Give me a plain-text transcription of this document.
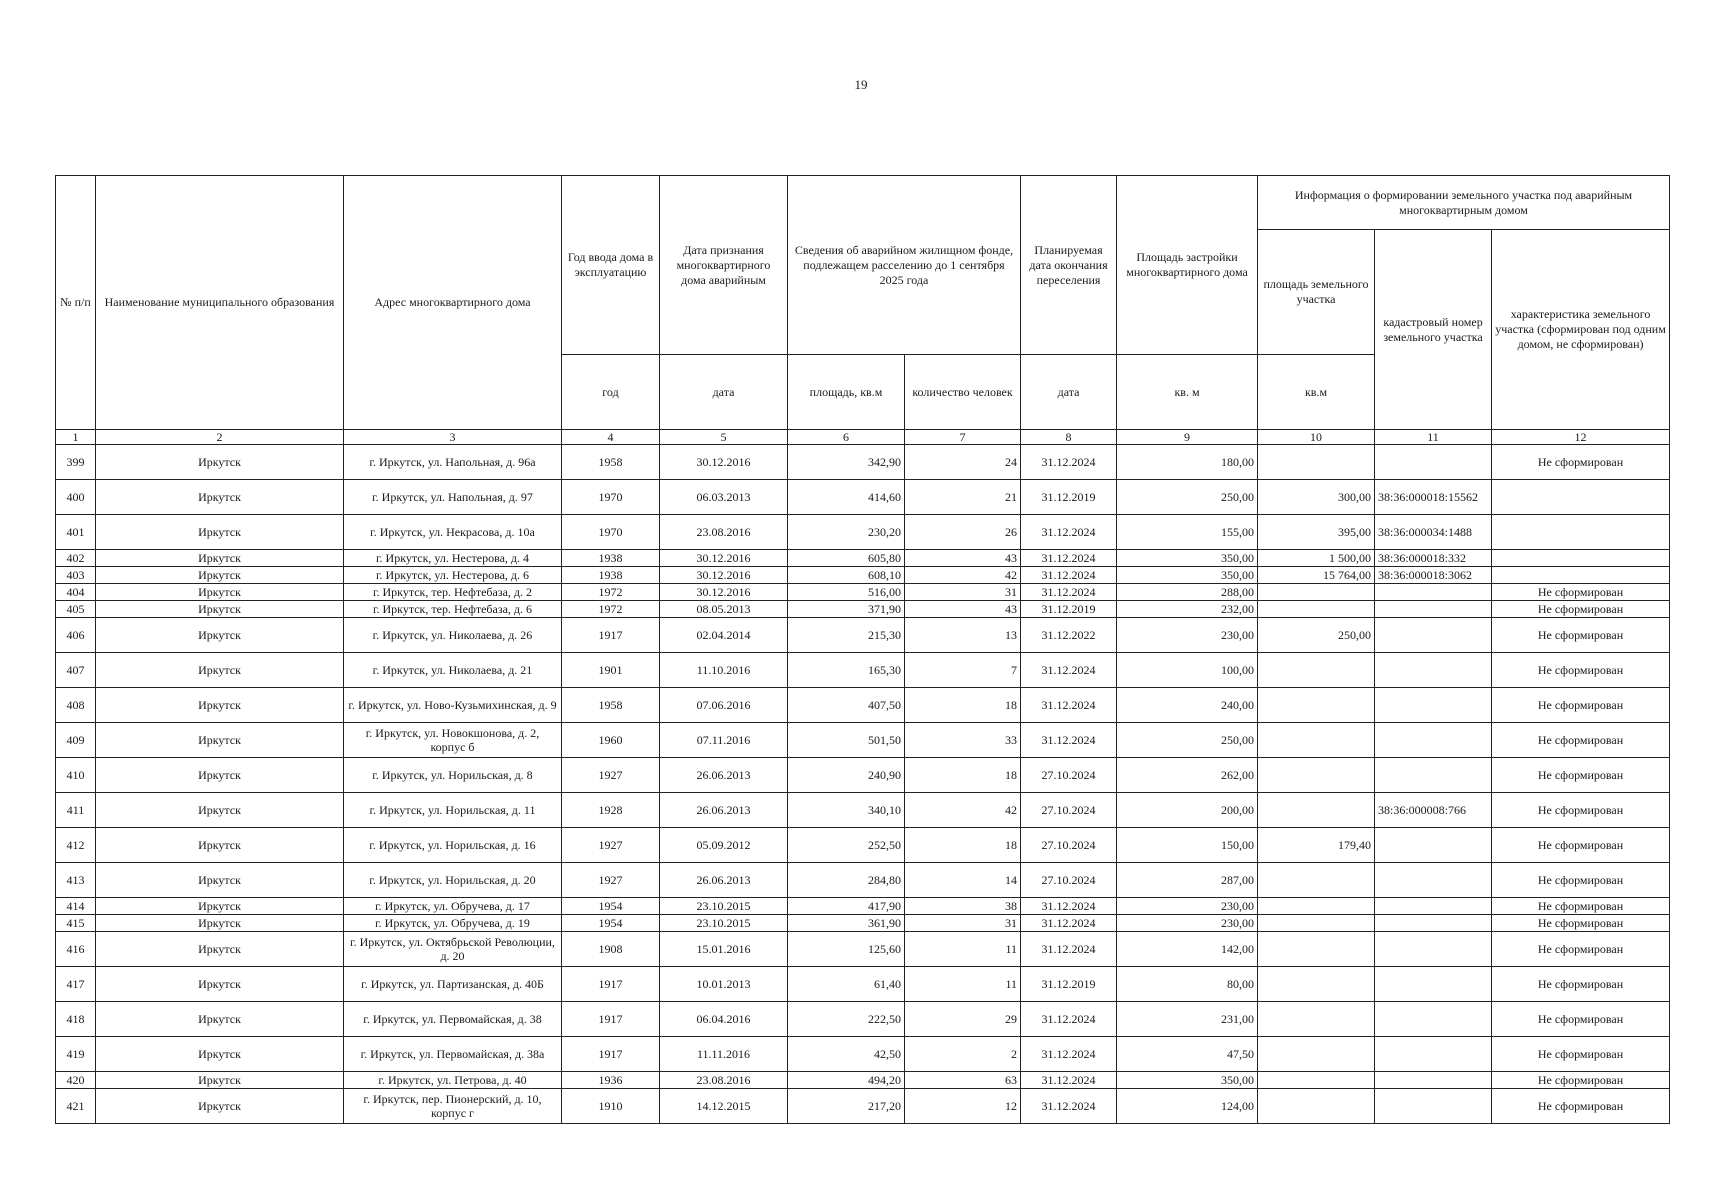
19
№ п/п	Наименование муниципального образования	Адрес многоквартирного дома	Год ввода дома в эксплуатацию	Дата признания многоквартирного дома аварийным	Сведения об аварийном жилищном фонде, подлежащем расселению до 1 сентября 2025 года		Планируемая дата окончания переселения	Площадь застройки многоквартирного дома	Информация о формировании земельного участка под аварийным многоквартирным домом		
									площадь земельного участка	кадастровый номер земельного участка	характеристика земельного участка (сформирован под одним домом, не сформирован)
			год	дата	площадь, кв.м	количество человек	дата	кв. м	кв.м		
1	2	3	4	5	6	7	8	9	10	11	12
399	Иркутск	г. Иркутск, ул. Напольная, д. 96а	1958	30.12.2016	342,90	24	31.12.2024	180,00			Не сформирован
400	Иркутск	г. Иркутск, ул. Напольная, д. 97	1970	06.03.2013	414,60	21	31.12.2019	250,00	300,00	38:36:000018:15562	
401	Иркутск	г. Иркутск, ул. Некрасова, д. 10а	1970	23.08.2016	230,20	26	31.12.2024	155,00	395,00	38:36:000034:1488	
402	Иркутск	г. Иркутск, ул. Нестерова, д. 4	1938	30.12.2016	605,80	43	31.12.2024	350,00	1 500,00	38:36:000018:332	
403	Иркутск	г. Иркутск, ул. Нестерова, д. 6	1938	30.12.2016	608,10	42	31.12.2024	350,00	15 764,00	38:36:000018:3062	
404	Иркутск	г. Иркутск, тер. Нефтебаза, д. 2	1972	30.12.2016	516,00	31	31.12.2024	288,00			Не сформирован
405	Иркутск	г. Иркутск, тер. Нефтебаза, д. 6	1972	08.05.2013	371,90	43	31.12.2019	232,00			Не сформирован
406	Иркутск	г. Иркутск, ул. Николаева, д. 26	1917	02.04.2014	215,30	13	31.12.2022	230,00	250,00		Не сформирован
407	Иркутск	г. Иркутск, ул. Николаева, д. 21	1901	11.10.2016	165,30	7	31.12.2024	100,00			Не сформирован
408	Иркутск	г. Иркутск, ул. Ново-Кузьмихинская, д. 9	1958	07.06.2016	407,50	18	31.12.2024	240,00			Не сформирован
409	Иркутск	г. Иркутск, ул. Новокшонова, д. 2, корпус б	1960	07.11.2016	501,50	33	31.12.2024	250,00			Не сформирован
410	Иркутск	г. Иркутск, ул. Норильская, д. 8	1927	26.06.2013	240,90	18	27.10.2024	262,00			Не сформирован
411	Иркутск	г. Иркутск, ул. Норильская, д. 11	1928	26.06.2013	340,10	42	27.10.2024	200,00		38:36:000008:766	Не сформирован
412	Иркутск	г. Иркутск, ул. Норильская, д. 16	1927	05.09.2012	252,50	18	27.10.2024	150,00	179,40		Не сформирован
413	Иркутск	г. Иркутск, ул. Норильская, д. 20	1927	26.06.2013	284,80	14	27.10.2024	287,00			Не сформирован
414	Иркутск	г. Иркутск, ул. Обручева, д. 17	1954	23.10.2015	417,90	38	31.12.2024	230,00			Не сформирован
415	Иркутск	г. Иркутск, ул. Обручева, д. 19	1954	23.10.2015	361,90	31	31.12.2024	230,00			Не сформирован
416	Иркутск	г. Иркутск, ул. Октябрьской Революции, д. 20	1908	15.01.2016	125,60	11	31.12.2024	142,00			Не сформирован
417	Иркутск	г. Иркутск, ул. Партизанская, д. 40Б	1917	10.01.2013	61,40	11	31.12.2019	80,00			Не сформирован
418	Иркутск	г. Иркутск, ул. Первомайская, д. 38	1917	06.04.2016	222,50	29	31.12.2024	231,00			Не сформирован
419	Иркутск	г. Иркутск, ул. Первомайская, д. 38а	1917	11.11.2016	42,50	2	31.12.2024	47,50			Не сформирован
420	Иркутск	г. Иркутск, ул. Петрова, д. 40	1936	23.08.2016	494,20	63	31.12.2024	350,00			Не сформирован
421	Иркутск	г. Иркутск, пер. Пионерский, д. 10, корпус г	1910	14.12.2015	217,20	12	31.12.2024	124,00			Не сформирован
